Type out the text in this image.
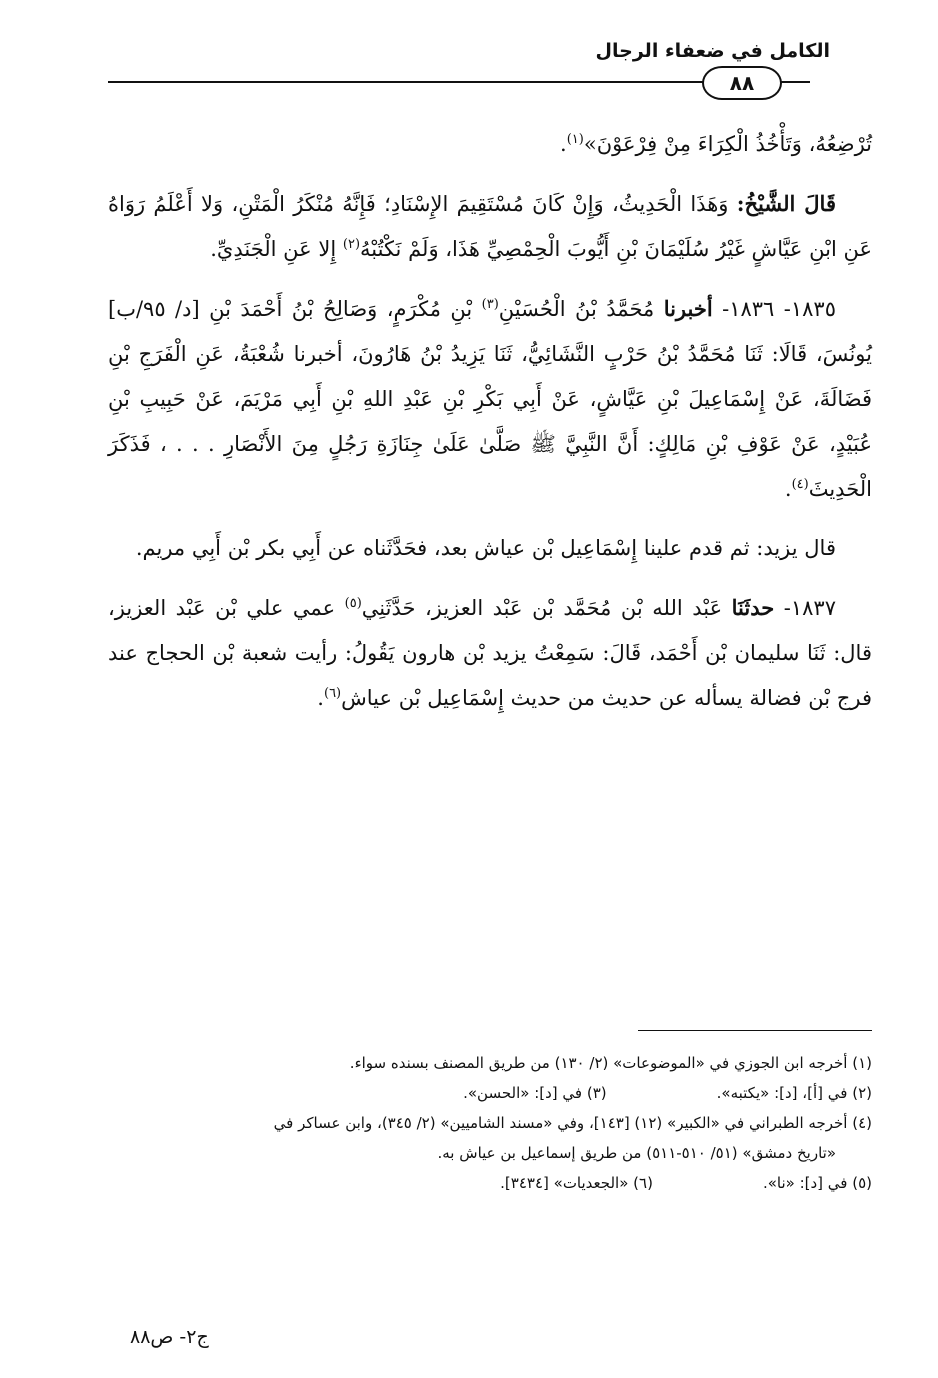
الكامل في ضعفاء الرجال
٨٨

تُرْضِعُهُ، وَتَأْخُذُ الْكِرَاءَ مِنْ فِرْعَوْنَ»$^{(١)}$.

قَالَ الشَّيْخُ: وَهَذَا الْحَدِيثُ، وَإِنْ كَانَ مُسْتَقِيمَ الإِسْنَادِ؛ فَإِنَّهُ مُنْكَرُ الْمَتْنِ، وَلا أَعْلَمُ رَوَاهُ عَنِ ابْنِ عَيَّاشٍ غَيْرُ سُلَيْمَانَ بْنِ أَيُّوبَ الْحِمْصِيِّ هَذَا، وَلَمْ نَكْتُبْهُ$^{(٢)}$ إِلا عَنِ الْجَنَدِيِّ.

١٨٣٥- ١٨٣٦- أخبرنا مُحَمَّدُ بْنُ الْحُسَيْنِ$^{(٣)}$ بْنِ مُكْرَمٍ، وَصَالِحُ بْنُ أَحْمَدَ بْنِ [د/ ٩٥/ب] يُونُسَ، قَالَا: ثَنَا مُحَمَّدُ بْنُ حَرْبٍ النَّشَائِيُّ، ثَنَا يَزِيدُ بْنُ هَارُونَ، أخبرنا شُعْبَةُ، عَنِ الْفَرَجِ بْنِ فَضَالَةَ، عَنْ إِسْمَاعِيلَ بْنِ عَيَّاشٍ، عَنْ أَبِي بَكْرِ بْنِ عَبْدِ اللهِ بْنِ أَبِي مَرْيَمَ، عَنْ حَبِيبِ بْنِ عُبَيْدٍ، عَنْ عَوْفِ بْنِ مَالِكٍ: أَنَّ النَّبِيَّ ﷺ صَلَّىٰ عَلَىٰ جِنَازَةِ رَجُلٍ مِنَ الأَنْصَارِ . . . ، فَذَكَرَ الْحَدِيثَ$^{(٤)}$.

قال يزيد: ثم قدم علينا إِسْمَاعِيل بْن عياش بعد، فحَدَّثَناه عن أَبِي بكر بْن أَبِي مريم.

١٨٣٧- حدثَنَا عَبْد الله بْن مُحَمَّد بْن عَبْد العزيز، حَدَّثَنِي$^{(٥)}$ عمي علي بْن عَبْد العزيز، قال: ثَنَا سليمان بْن أَحْمَد، قَالَ: سَمِعْتُ يزيد بْن هارون يَقُولُ: رأيت شعبة بْن الحجاج عند فرج بْن فضالة يسأله عن حديث من حديث إِسْمَاعِيل بْن عياش$^{(٦)}$.

(١) أخرجه ابن الجوزي في «الموضوعات» (٢/ ١٣٠) من طريق المصنف بسنده سواء.

(٢) في [أ]، [د]: «يكتبه».
(٣) في [د]: «الحسن».

(٤) أخرجه الطبراني في «الكبير» (١٢) [١٤٣]، وفي «مسند الشاميين» (٢/ ٣٤٥)، وابن عساكر في

«تاريخ دمشق» (٥١/ ٥١٠-٥١١) من طريق إسماعيل بن عياش به.

(٥) في [د]: «نا».
(٦) «الجعديات» [٣٤٣٤].
ج٢- ص٨٨
